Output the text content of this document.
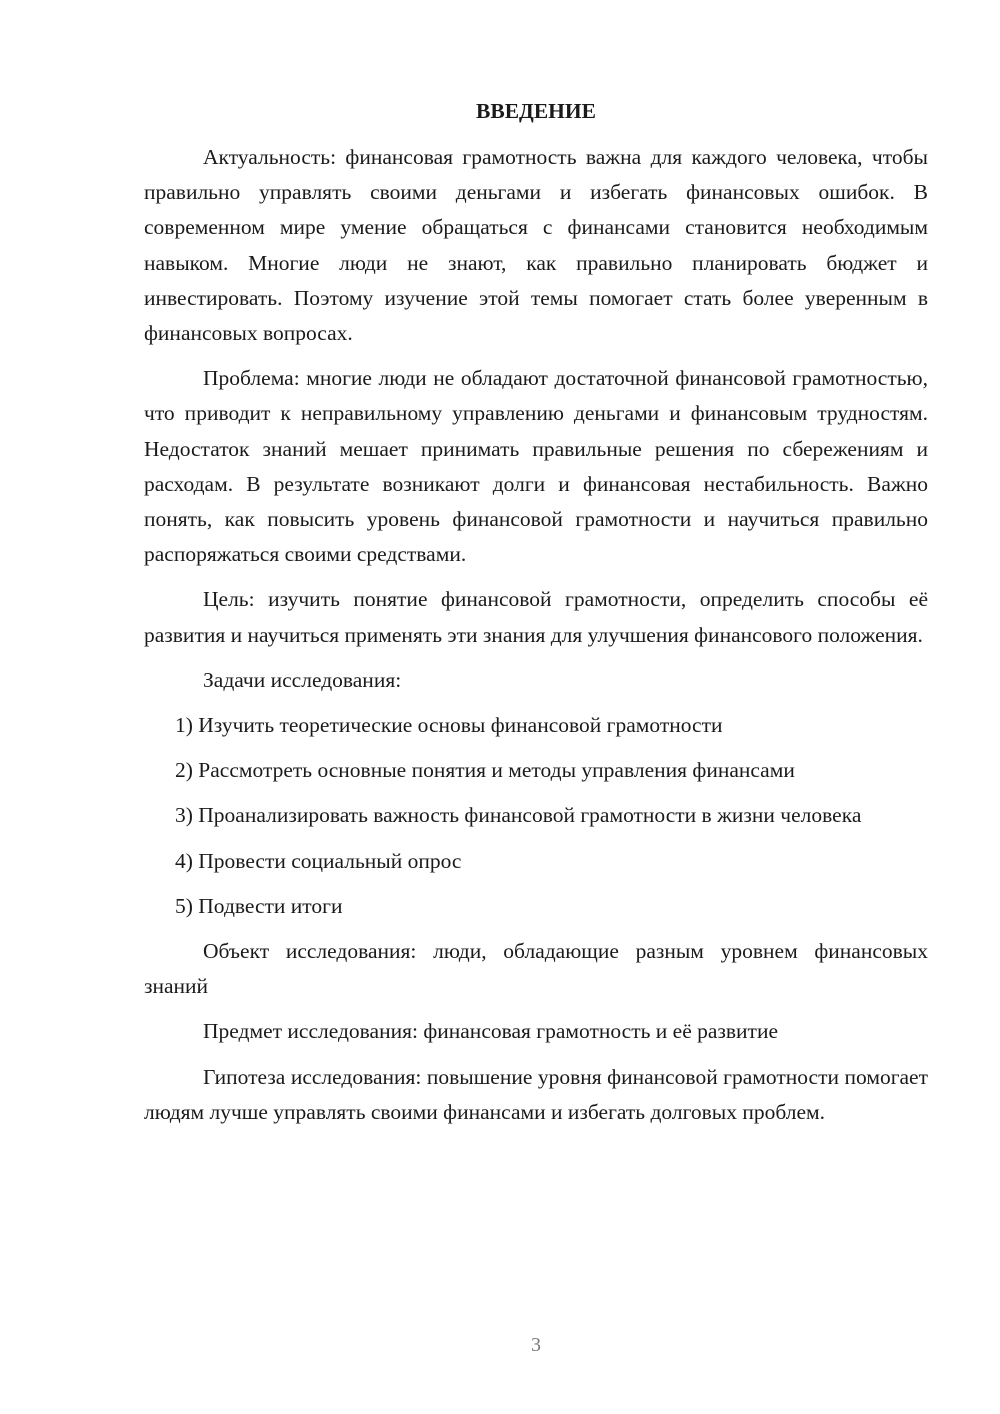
ВВЕДЕНИЕ

Актуальность: финансовая грамотность важна для каждого человека, чтобы правильно управлять своими деньгами и избегать финансовых ошибок. В современном мире умение обращаться с финансами становится необходимым навыком. Многие люди не знают, как правильно планировать бюджет и инвестировать. Поэтому изучение этой темы помогает стать более уверенным в финансовых вопросах.

Проблема: многие люди не обладают достаточной финансовой грамотностью, что приводит к неправильному управлению деньгами и финансовым трудностям. Недостаток знаний мешает принимать правильные решения по сбережениям и расходам. В результате возникают долги и финансовая нестабильность. Важно понять, как повысить уровень финансовой грамотности и научиться правильно распоряжаться своими средствами.

Цель: изучить понятие финансовой грамотности, определить способы её развития и научиться применять эти знания для улучшения финансового положения.

Задачи исследования:

1) Изучить теоретические основы финансовой грамотности

2) Рассмотреть основные понятия и методы управления финансами

3) Проанализировать важность финансовой грамотности в жизни человека

4) Провести социальный опрос

5) Подвести итоги

Объект исследования: люди, обладающие разным уровнем финансовых знаний

Предмет исследования: финансовая грамотность и её развитие

Гипотеза исследования: повышение уровня финансовой грамотности помогает людям лучше управлять своими финансами и избегать долговых проблем.

3
